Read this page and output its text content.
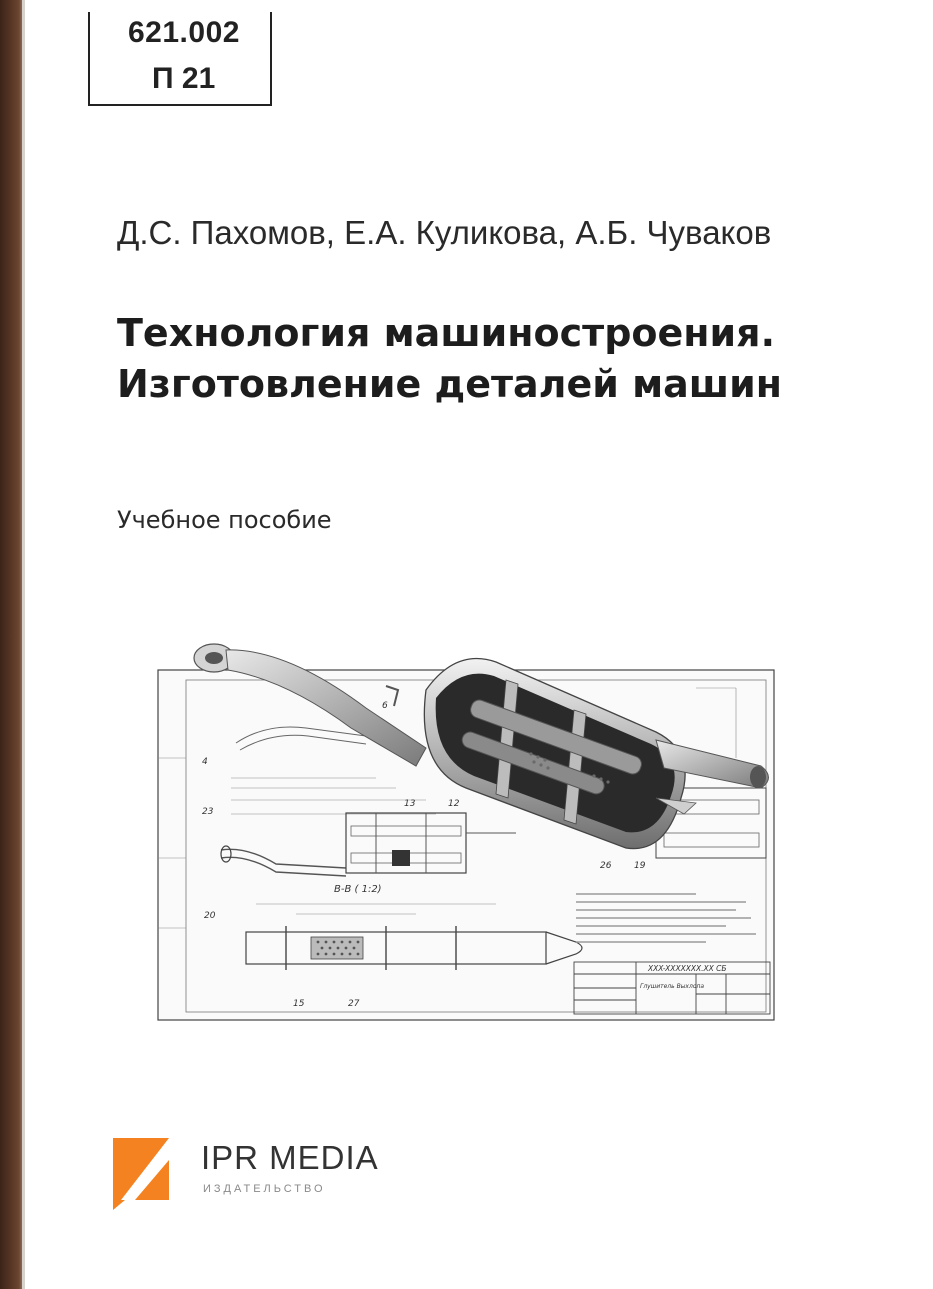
621.002
П 21
Д.С. Пахомов, Е.А. Куликова, А.Б. Чуваков
Технология машиностроения.
Изготовление деталей машин
Учебное пособие
В-В ( 1:2)
XXX-XXXXXXX.XX СБ
Глушитель Выхлопа
4
6
13	12
23
20
15	27
26	19
IPR MEDIA
ИЗДАТЕЛЬСТВО
